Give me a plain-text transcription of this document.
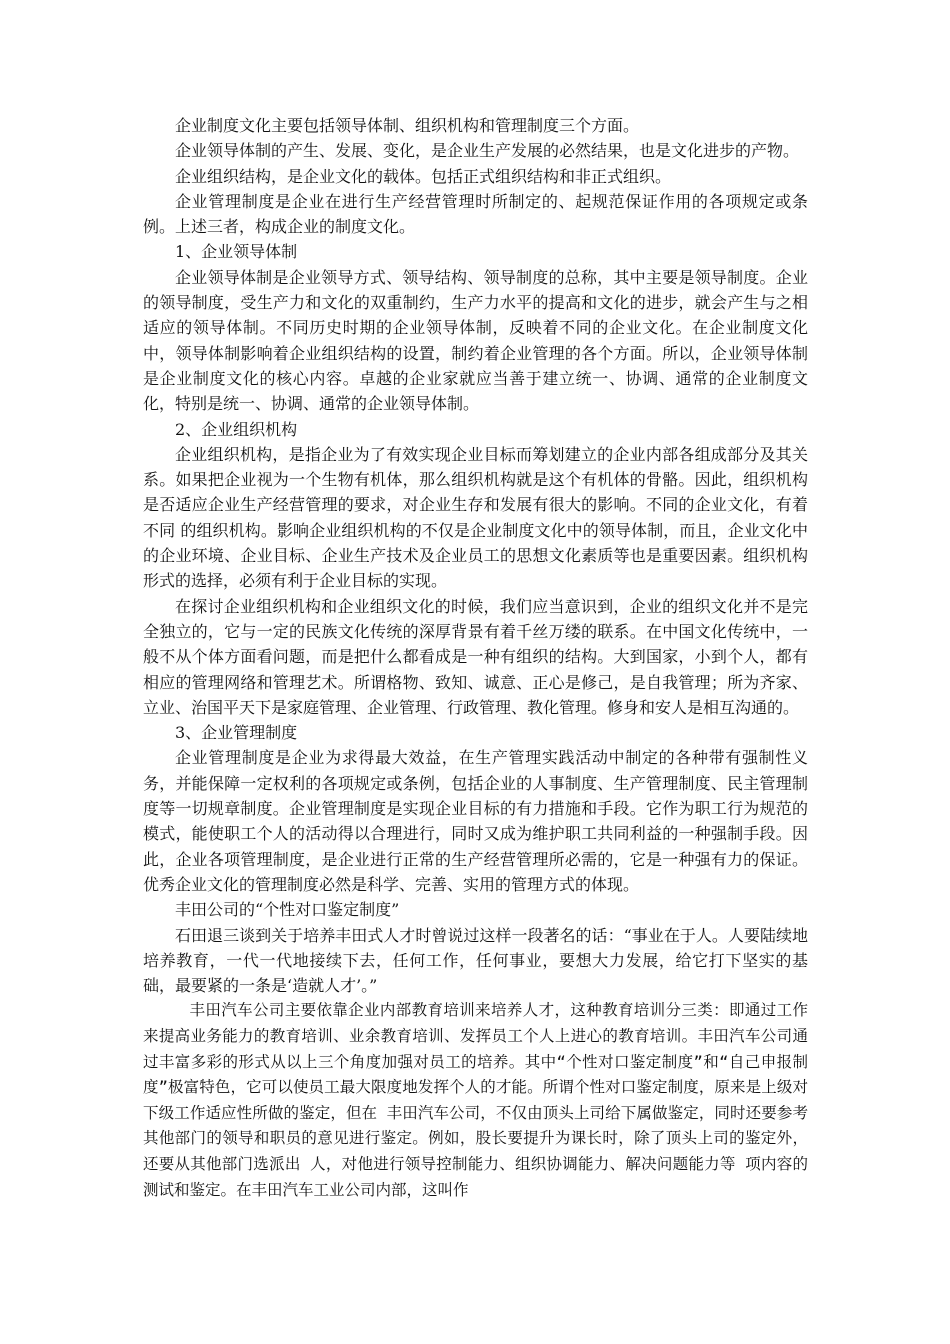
企业制度文化主要包括领导体制、组织机构和管理制度三个方面。

企业领导体制的产生、发展、变化，是企业生产发展的必然结果，也是文化进步的产物。

企业组织结构，是企业文化的载体。包括正式组织结构和非正式组织。

企业管理制度是企业在进行生产经营管理时所制定的、起规范保证作用的各项规定或条例。上述三者，构成企业的制度文化。

1、企业领导体制

企业领导体制是企业领导方式、领导结构、领导制度的总称，其中主要是领导制度。企业的领导制度，受生产力和文化的双重制约，生产力水平的提高和文化的进步，就会产生与之相适应的领导体制。不同历史时期的企业领导体制，反映着不同的企业文化。在企业制度文化中，领导体制影响着企业组织结构的设置，制约着企业管理的各个方面。所以，企业领导体制是企业制度文化的核心内容。卓越的企业家就应当善于建立统一、协调、通常的企业制度文化，特别是统一、协调、通常的企业领导体制。

2、企业组织机构

企业组织机构，是指企业为了有效实现企业目标而筹划建立的企业内部各组成部分及其关系。如果把企业视为一个生物有机体，那么组织机构就是这个有机体的骨骼。因此，组织机构是否适应企业生产经营管理的要求，对企业生存和发展有很大的影响。不同的企业文化，有着不同 的组织机构。影响企业组织机构的不仅是企业制度文化中的领导体制，而且，企业文化中的企业环境、企业目标、企业生产技术及企业员工的思想文化素质等也是重要因素。组织机构形式的选择，必须有利于企业目标的实现。

在探讨企业组织机构和企业组织文化的时候，我们应当意识到，企业的组织文化并不是完全独立的，它与一定的民族文化传统的深厚背景有着千丝万缕的联系。在中国文化传统中，一般不从个体方面看问题，而是把什么都看成是一种有组织的结构。大到国家，小到个人，都有相应的管理网络和管理艺术。所谓格物、致知、诚意、正心是修己，是自我管理；所为齐家、立业、治国平天下是家庭管理、企业管理、行政管理、教化管理。修身和安人是相互沟通的。

3、企业管理制度

企业管理制度是企业为求得最大效益，在生产管理实践活动中制定的各种带有强制性义务，并能保障一定权利的各项规定或条例，包括企业的人事制度、生产管理制度、民主管理制度等一切规章制度。企业管理制度是实现企业目标的有力措施和手段。它作为职工行为规范的模式，能使职工个人的活动得以合理进行，同时又成为维护职工共同利益的一种强制手段。因此，企业各项管理制度，是企业进行正常的生产经营管理所必需的，它是一种强有力的保证。优秀企业文化的管理制度必然是科学、完善、实用的管理方式的体现。

丰田公司的“个性对口鉴定制度”

石田退三谈到关于培养丰田式人才时曾说过这样一段著名的话：“事业在于人。人要陆续地培养教育，一代一代地接续下去，任何工作，任何事业，要想大力发展，给它打下坚实的基础，最要紧的一条是‘造就人才’。”

丰田汽车公司主要依靠企业内部教育培训来培养人才，这种教育培训分三类：即通过工作来提高业务能力的教育培训、业余教育培训、发挥员工个人上进心的教育培训。丰田汽车公司通过丰富多彩的形式从以上三个角度加强对员工的培养。其中“个性对口鉴定制度”和“自己申报制度”极富特色，它可以使员工最大限度地发挥个人的才能。所谓个性对口鉴定制度，原来是上级对下级工作适应性所做的鉴定，但在 丰田汽车公司，不仅由顶头上司给下属做鉴定，同时还要参考其他部门的领导和职员的意见进行鉴定。例如，股长要提升为课长时，除了顶头上司的鉴定外，还要从其他部门选派出 人，对他进行领导控制能力、组织协调能力、解决问题能力等 项内容的测试和鉴定。在丰田汽车工业公司内部，这叫作
